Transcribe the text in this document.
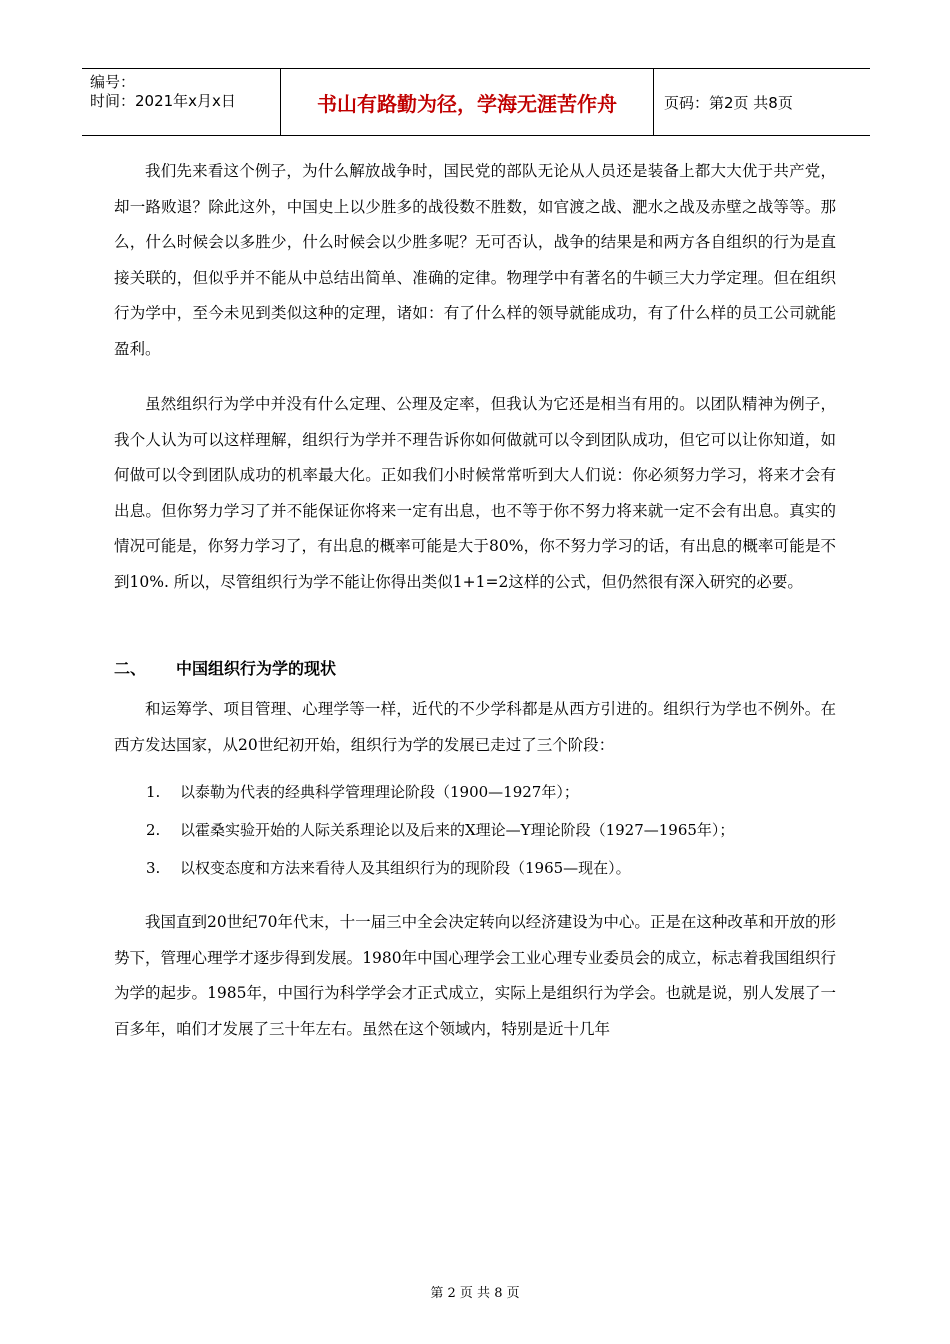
编号：
时间：2021年x月x日	书山有路勤为径，学海无涯苦作舟	页码：第2页 共8页

我们先来看这个例子，为什么解放战争时，国民党的部队无论从人员还是装备上都大大优于共产党，却一路败退？除此这外，中国史上以少胜多的战役数不胜数，如官渡之战、淝水之战及赤壁之战等等。那么，什么时候会以多胜少，什么时候会以少胜多呢？无可否认，战争的结果是和两方各自组织的行为是直接关联的，但似乎并不能从中总结出简单、准确的定律。物理学中有著名的牛顿三大力学定理。但在组织行为学中，至今未见到类似这种的定理，诸如：有了什么样的领导就能成功，有了什么样的员工公司就能盈利。

虽然组织行为学中并没有什么定理、公理及定率，但我认为它还是相当有用的。以团队精神为例子，我个人认为可以这样理解，组织行为学并不理告诉你如何做就可以令到团队成功，但它可以让你知道，如何做可以令到团队成功的机率最大化。正如我们小时候常常听到大人们说：你必须努力学习，将来才会有出息。但你努力学习了并不能保证你将来一定有出息，也不等于你不努力将来就一定不会有出息。真实的情况可能是，你努力学习了，有出息的概率可能是大于80%，你不努力学习的话，有出息的概率可能是不到10%. 所以，尽管组织行为学不能让你得出类似1+1=2这样的公式，但仍然很有深入研究的必要。

二、	中国组织行为学的现状

和运筹学、项目管理、心理学等一样，近代的不少学科都是从西方引进的。组织行为学也不例外。在西方发达国家，从20世纪初开始，组织行为学的发展已走过了三个阶段：

1.	以泰勒为代表的经典科学管理理论阶段（1900—1927年）；
2.	以霍桑实验开始的人际关系理论以及后来的X理论—Y理论阶段（1927—1965年）；
3.	以权变态度和方法来看待人及其组织行为的现阶段（1965—现在）。

我国直到20世纪70年代末，十一届三中全会决定转向以经济建设为中心。正是在这种改革和开放的形势下，管理心理学才逐步得到发展。1980年中国心理学会工业心理专业委员会的成立，标志着我国组织行为学的起步。1985年，中国行为科学学会才正式成立，实际上是组织行为学会。也就是说，别人发展了一百多年，咱们才发展了三十年左右。虽然在这个领域内，特别是近十几年

第 2 页 共 8 页
